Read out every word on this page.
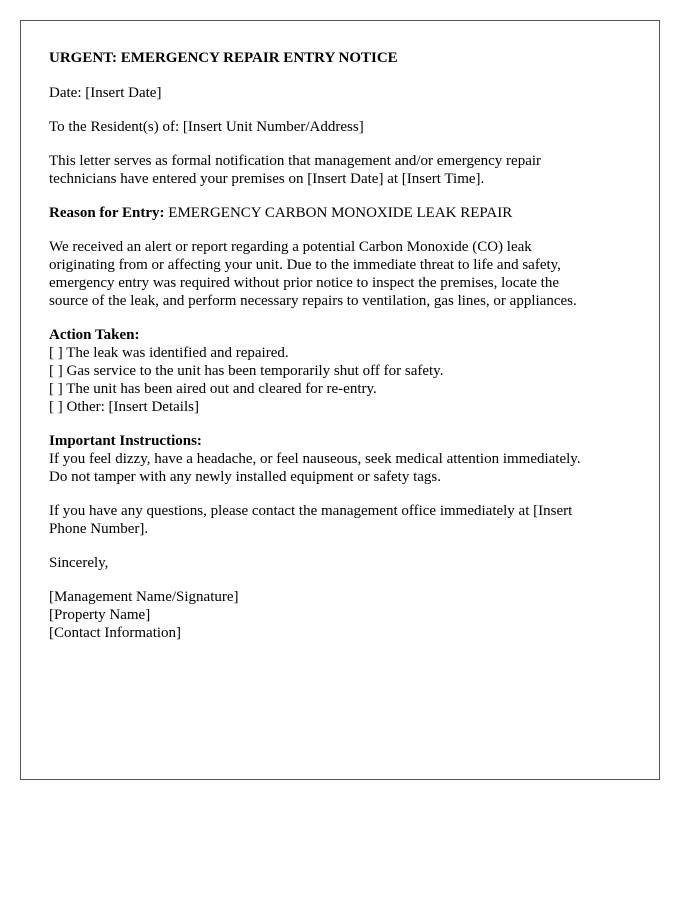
URGENT: EMERGENCY REPAIR ENTRY NOTICE

Date: [Insert Date]

To the Resident(s) of: [Insert Unit Number/Address]

This letter serves as formal notification that management and/or emergency repair
technicians have entered your premises on [Insert Date] at [Insert Time].

Reason for Entry: EMERGENCY CARBON MONOXIDE LEAK REPAIR

We received an alert or report regarding a potential Carbon Monoxide (CO) leak
originating from or affecting your unit. Due to the immediate threat to life and safety,
emergency entry was required without prior notice to inspect the premises, locate the
source of the leak, and perform necessary repairs to ventilation, gas lines, or appliances.

Action Taken:
[ ] The leak was identified and repaired.
[ ] Gas service to the unit has been temporarily shut off for safety.
[ ] The unit has been aired out and cleared for re-entry.
[ ] Other: [Insert Details]

Important Instructions:
If you feel dizzy, have a headache, or feel nauseous, seek medical attention immediately.
Do not tamper with any newly installed equipment or safety tags.

If you have any questions, please contact the management office immediately at [Insert
Phone Number].

Sincerely,

[Management Name/Signature]
[Property Name]
[Contact Information]
